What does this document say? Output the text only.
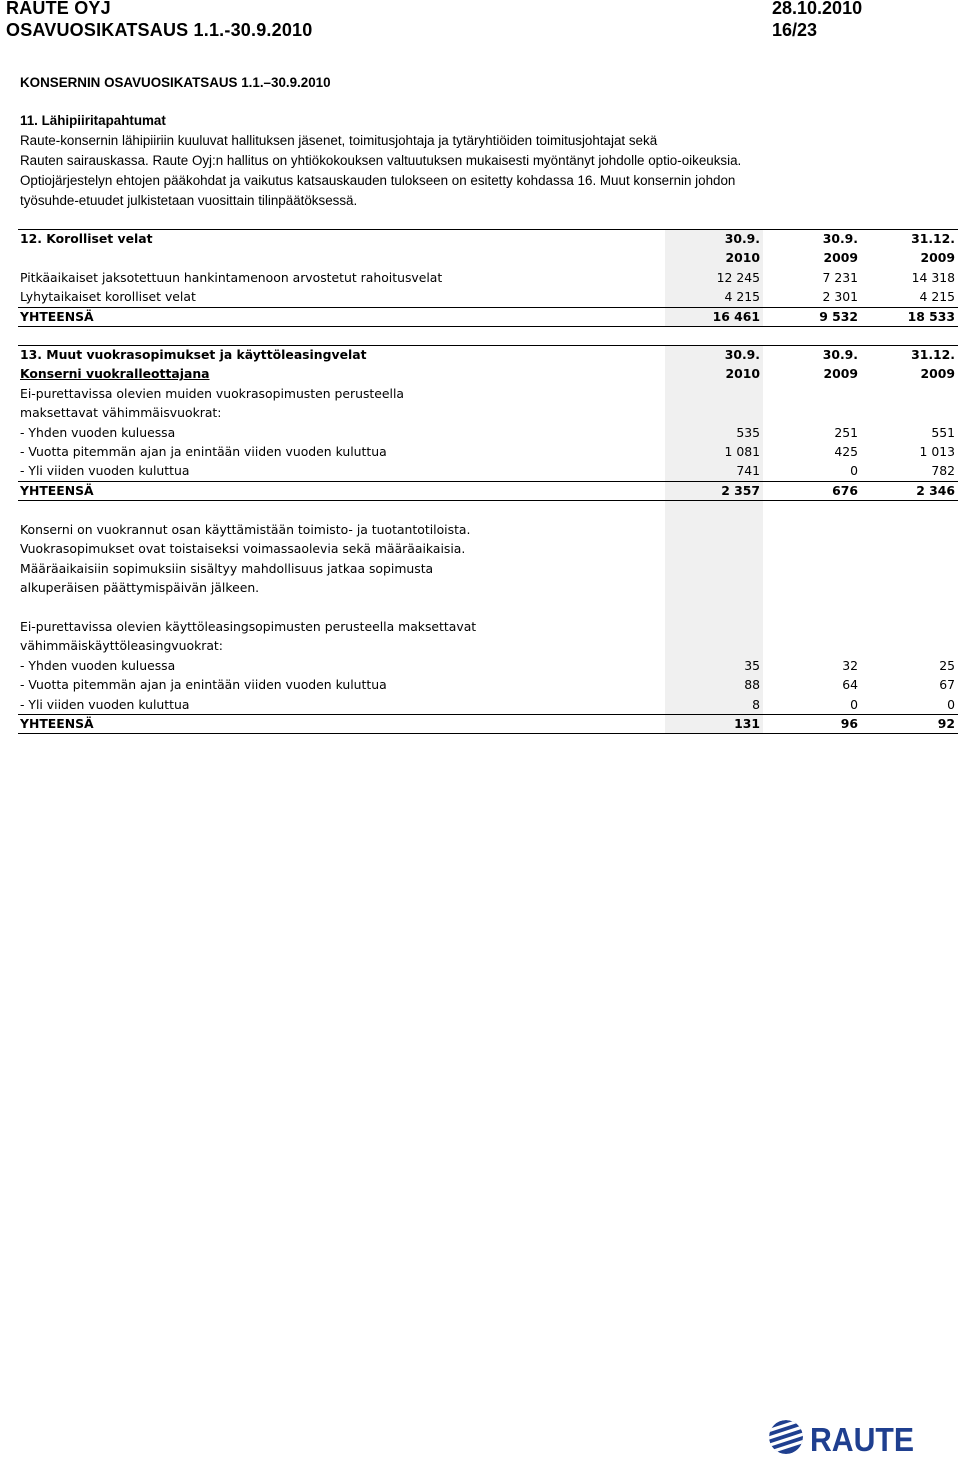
RAUTE OYJ	28.10.2010
OSAVUOSIKATSAUS 1.1.-30.9.2010	16/23
KONSERNIN OSAVUOSIKATSAUS 1.1.–30.9.2010
11. Lähipiiritapahtumat
Raute-konsernin lähipiiriin kuuluvat hallituksen jäsenet, toimitusjohtaja ja tytäryhtiöiden toimitusjohtajat sekä
Rauten sairauskassa. Raute Oyj:n hallitus on yhtiökokouksen valtuutuksen mukaisesti myöntänyt johdolle optio-oikeuksia.
Optiojärjestelyn ehtojen pääkohdat ja vaikutus katsauskauden tulokseen on esitetty kohdassa 16. Muut konsernin johdon
työsuhde-etuudet julkistetaan vuosittain tilinpäätöksessä.
12. Korolliset velat	30.9.	30.9.	31.12.
2010	2009	2009
Pitkäaikaiset jaksotettuun hankintamenoon arvostetut rahoitusvelat	12 245	7 231	14 318
Lyhytaikaiset korolliset velat	4 215	2 301	4 215
YHTEENSÄ	16 461	9 532	18 533
13. Muut vuokrasopimukset ja käyttöleasingvelat	30.9.	30.9.	31.12.
Konserni vuokralleottajana	2010	2009	2009
Ei-purettavissa olevien muiden vuokrasopimusten perusteella
maksettavat vähimmäisvuokrat:
- Yhden vuoden kuluessa	535	251	551
- Vuotta pitemmän ajan ja enintään viiden vuoden kuluttua	1 081	425	1 013
- Yli viiden vuoden kuluttua	741	0	782
YHTEENSÄ	2 357	676	2 346
Konserni on vuokrannut osan käyttämistään toimisto- ja tuotantotiloista.
Vuokrasopimukset ovat toistaiseksi voimassaolevia sekä määräaikaisia.
Määräaikaisiin sopimuksiin sisältyy mahdollisuus jatkaa sopimusta
alkuperäisen päättymispäivän jälkeen.
Ei-purettavissa olevien käyttöleasingsopimusten perusteella maksettavat
vähimmäiskäyttöleasingvuokrat:
- Yhden vuoden kuluessa	35	32	25
- Vuotta pitemmän ajan ja enintään viiden vuoden kuluttua	88	64	67
- Yli viiden vuoden kuluttua	8	0	0
YHTEENSÄ	131	96	92
RAUTE
